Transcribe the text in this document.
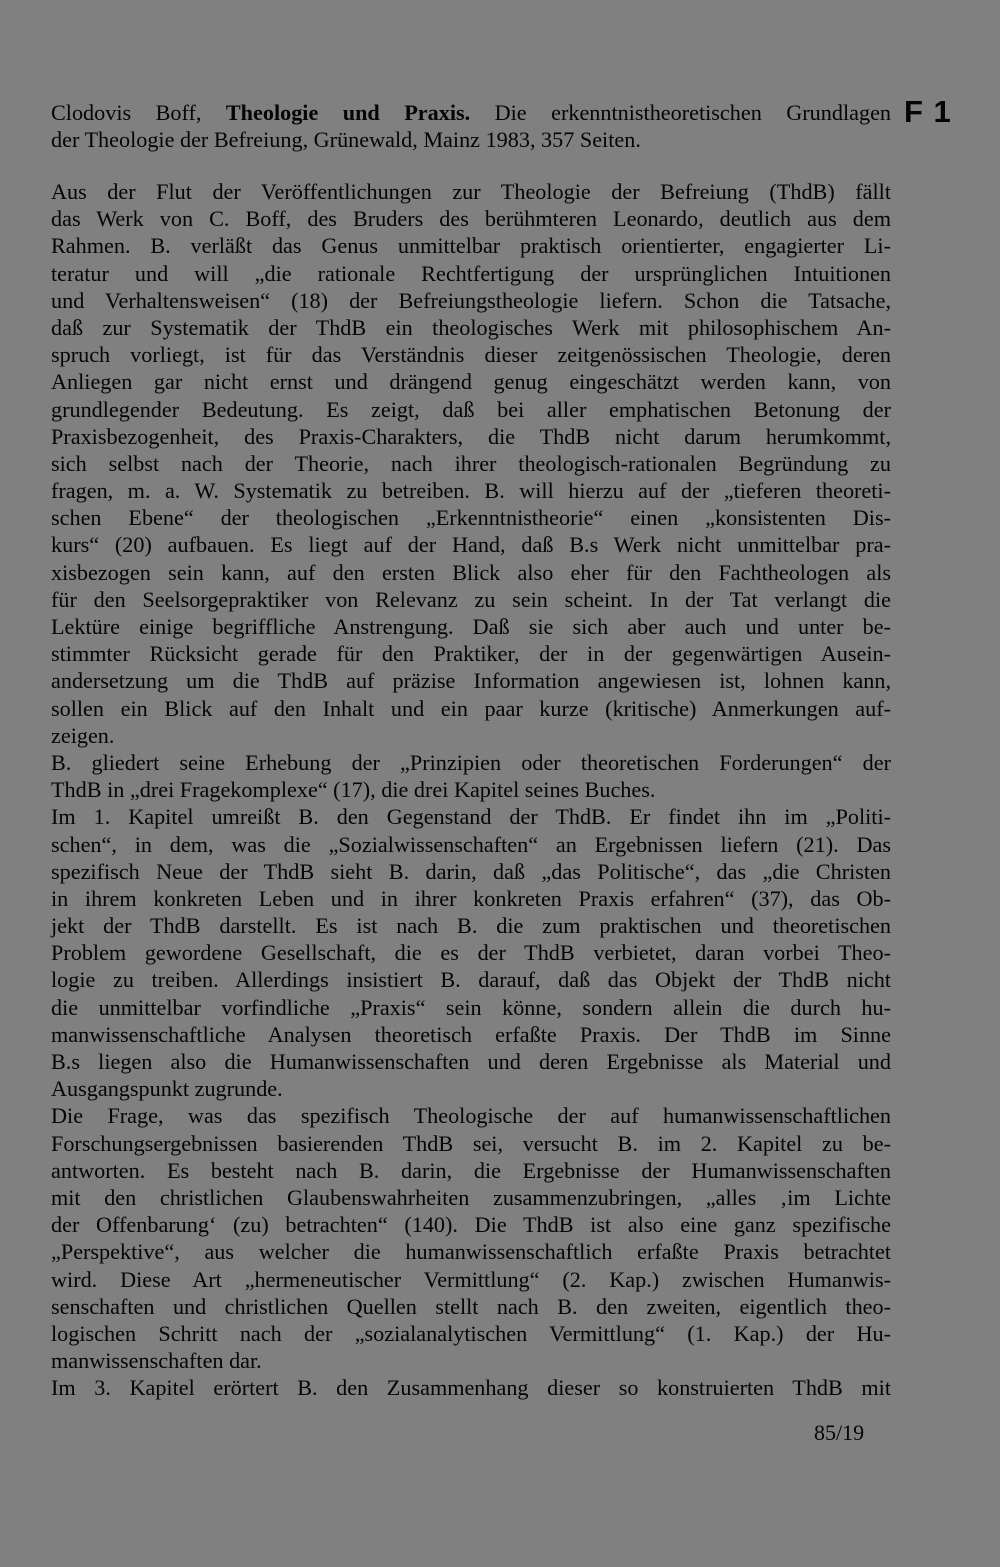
F 1
Clodovis Boff, Theologie und Praxis. Die erkenntnistheoretischen Grundlagen
der Theologie der Befreiung, Grünewald, Mainz 1983, 357 Seiten.
Aus der Flut der Veröffentlichungen zur Theologie der Befreiung (ThdB) fällt
das Werk von C. Boff, des Bruders des berühmteren Leonardo, deutlich aus dem
Rahmen. B. verläßt das Genus unmittelbar praktisch orientierter, engagierter Li-
teratur und will „die rationale Rechtfertigung der ursprünglichen Intuitionen
und Verhaltensweisen“ (18) der Befreiungstheologie liefern. Schon die Tatsache,
daß zur Systematik der ThdB ein theologisches Werk mit philosophischem An-
spruch vorliegt, ist für das Verständnis dieser zeitgenössischen Theologie, deren
Anliegen gar nicht ernst und drängend genug eingeschätzt werden kann, von
grundlegender Bedeutung. Es zeigt, daß bei aller emphatischen Betonung der
Praxisbezogenheit, des Praxis-Charakters, die ThdB nicht darum herumkommt,
sich selbst nach der Theorie, nach ihrer theologisch-rationalen Begründung zu
fragen, m. a. W. Systematik zu betreiben. B. will hierzu auf der „tieferen theoreti-
schen Ebene“ der theologischen „Erkenntnistheorie“ einen „konsistenten Dis-
kurs“ (20) aufbauen. Es liegt auf der Hand, daß B.s Werk nicht unmittelbar pra-
xisbezogen sein kann, auf den ersten Blick also eher für den Fachtheologen als
für den Seelsorgepraktiker von Relevanz zu sein scheint. In der Tat verlangt die
Lektüre einige begriffliche Anstrengung. Daß sie sich aber auch und unter be-
stimmter Rücksicht gerade für den Praktiker, der in der gegenwärtigen Ausein-
andersetzung um die ThdB auf präzise Information angewiesen ist, lohnen kann,
sollen ein Blick auf den Inhalt und ein paar kurze (kritische) Anmerkungen auf-
zeigen.
B. gliedert seine Erhebung der „Prinzipien oder theoretischen Forderungen“ der
ThdB in „drei Fragekomplexe“ (17), die drei Kapitel seines Buches.
Im 1. Kapitel umreißt B. den Gegenstand der ThdB. Er findet ihn im „Politi-
schen“, in dem, was die „Sozialwissenschaften“ an Ergebnissen liefern (21). Das
spezifisch Neue der ThdB sieht B. darin, daß „das Politische“, das „die Christen
in ihrem konkreten Leben und in ihrer konkreten Praxis erfahren“ (37), das Ob-
jekt der ThdB darstellt. Es ist nach B. die zum praktischen und theoretischen
Problem gewordene Gesellschaft, die es der ThdB verbietet, daran vorbei Theo-
logie zu treiben. Allerdings insistiert B. darauf, daß das Objekt der ThdB nicht
die unmittelbar vorfindliche „Praxis“ sein könne, sondern allein die durch hu-
manwissenschaftliche Analysen theoretisch erfaßte Praxis. Der ThdB im Sinne
B.s liegen also die Humanwissenschaften und deren Ergebnisse als Material und
Ausgangspunkt zugrunde.
Die Frage, was das spezifisch Theologische der auf humanwissenschaftlichen
Forschungsergebnissen basierenden ThdB sei, versucht B. im 2. Kapitel zu be-
antworten. Es besteht nach B. darin, die Ergebnisse der Humanwissenschaften
mit den christlichen Glaubenswahrheiten zusammenzubringen, „alles ‚im Lichte
der Offenbarung‘ (zu) betrachten“ (140). Die ThdB ist also eine ganz spezifische
„Perspektive“, aus welcher die humanwissenschaftlich erfaßte Praxis betrachtet
wird. Diese Art „hermeneutischer Vermittlung“ (2. Kap.) zwischen Humanwis-
senschaften und christlichen Quellen stellt nach B. den zweiten, eigentlich theo-
logischen Schritt nach der „sozialanalytischen Vermittlung“ (1. Kap.) der Hu-
manwissenschaften dar.
Im 3. Kapitel erörtert B. den Zusammenhang dieser so konstruierten ThdB mit
85/19
